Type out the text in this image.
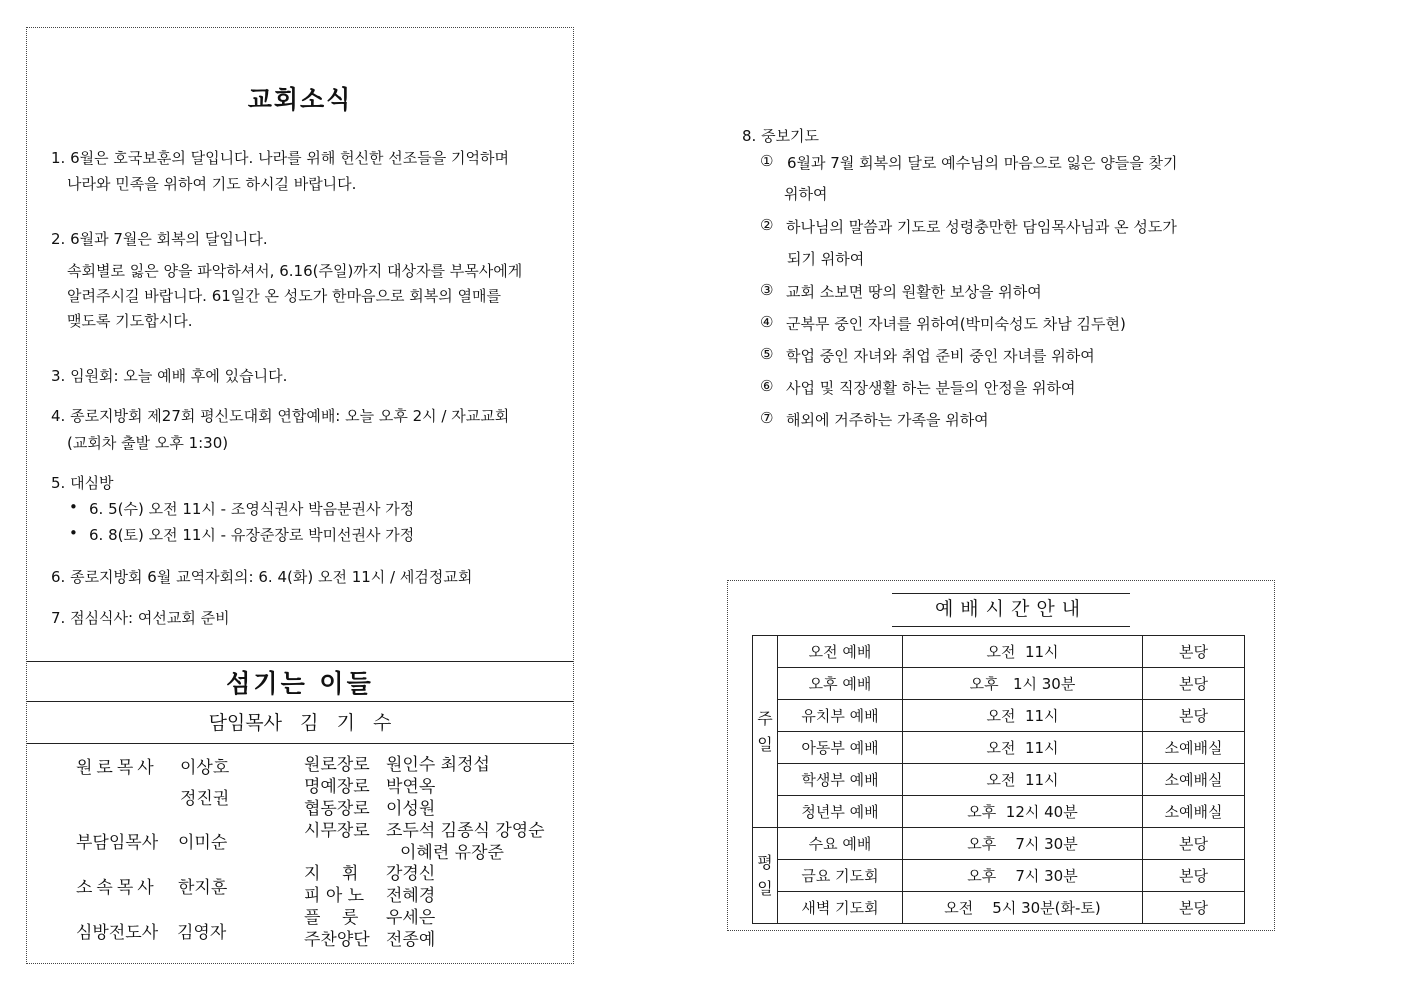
교회소식
1. 6월은 호국보훈의 달입니다. 나라를 위해 헌신한 선조들을 기억하며
나라와 민족을 위하여 기도 하시길 바랍니다.
2. 6월과 7월은 회복의 달입니다.
속회별로 잃은 양을 파악하셔서, 6.16(주일)까지 대상자를 부목사에게
알려주시길 바랍니다. 61일간 온 성도가 한마음으로 회복의 열매를
맺도록 기도합시다.
3. 임원회: 오늘 예배 후에 있습니다.
4. 종로지방회 제27회 평신도대회 연합예배: 오늘 오후 2시 / 자교교회
(교회차 출발 오후 1:30)
5. 대심방
• 6. 5(수) 오전 11시 - 조영식권사 박음분권사 가정
• 6. 8(토) 오전 11시 - 유장준장로 박미선권사 가정
6. 종로지방회 6월 교역자회의: 6. 4(화) 오전 11시 / 세검정교회
7. 점심식사: 여선교회 준비
섬기는 이들
담임목사   김   기   수
원로목사 이상호
정진권
부담임목사 이미순
소속목사 한지훈
심방전도사 김영자
원로장로 원인수 최정섭
명예장로 박연옥
협동장로 이성원
시무장로 조두석 김종식 강영순
이혜련 유장준
지    휘 강경신
피 아 노 전혜경
플    룻 우세은
주찬양단 전종예
8. 중보기도
① 6월과 7월 회복의 달로 예수님의 마음으로 잃은 양들을 찾기
위하여
② 하나님의 말씀과 기도로 성령충만한 담임목사님과 온 성도가
되기 위하여
③ 교회 소보면 땅의 원활한 보상을 위하여
④ 군복무 중인 자녀를 위하여(박미숙성도 차남 김두현)
⑤ 학업 중인 자녀와 취업 준비 중인 자녀를 위하여
⑥ 사업 및 직장생활 하는 분들의 안정을 위하여
⑦ 해외에 거주하는 가족을 위하여
예배시간안내
주
일	오전 예배	오전  11시	본당
	오후 예배	오후   1시 30분	본당
	유치부 예배	오전  11시	본당
	아동부 예배	오전  11시	소예배실
	학생부 예배	오전  11시	소예배실
	청년부 예배	오후  12시 40분	소예배실
평
일	수요 예배	오후    7시 30분	본당
	금요 기도회	오후    7시 30분	본당
	새벽 기도회	오전    5시 30분(화-토)	본당
